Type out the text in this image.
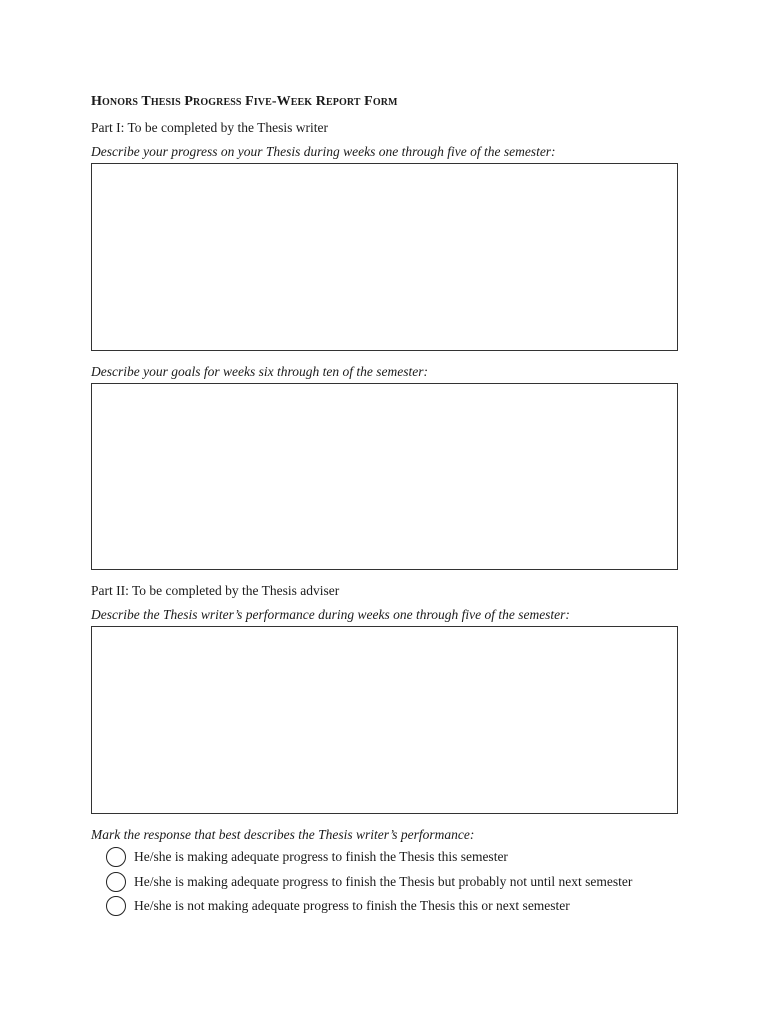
Honors Thesis Progress Five-Week Report Form
Part I: To be completed by the Thesis writer
Describe your progress on your Thesis during weeks one through five of the semester:
Describe your goals for weeks six through ten of the semester:
Part II: To be completed by the Thesis adviser
Describe the Thesis writer’s performance during weeks one through five of the semester:
Mark the response that best describes the Thesis writer’s performance:
He/she is making adequate progress to finish the Thesis this semester
He/she is making adequate progress to finish the Thesis but probably not until next semester
He/she is not making adequate progress to finish the Thesis this or next semester
